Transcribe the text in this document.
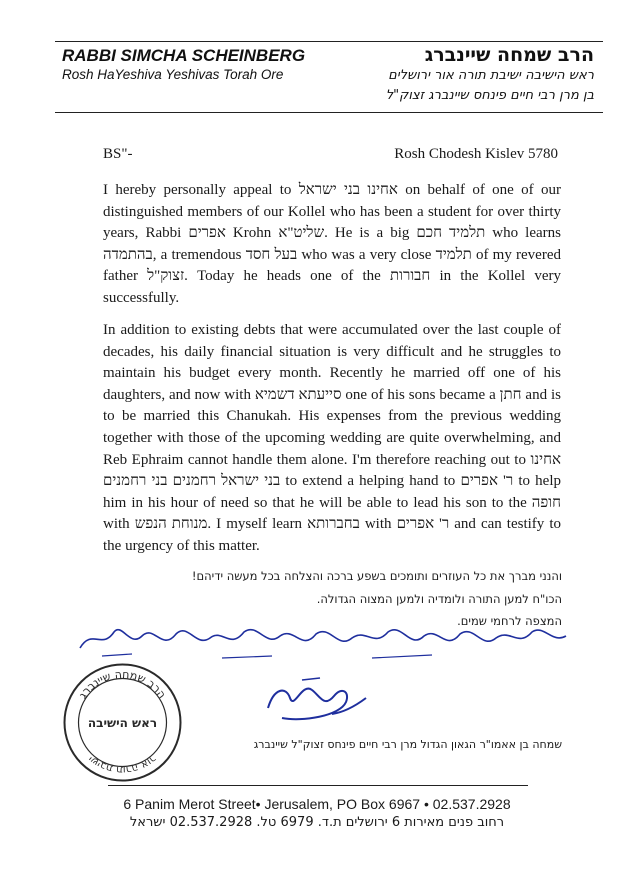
RABBI SIMCHA SCHEINBERG
Rosh HaYeshiva Yeshivas Torah Ore
הרב שמחה שיינברג
ראש הישיבה ישיבת תורה אור ירושלים
בן מרן רבי חיים פינחס שיינברג זצוק"ל
BS"-	Rosh Chodesh Kislev 5780
I hereby personally appeal to אחינו בני ישראל on behalf of one of our distinguished members of our Kollel who has been a student for over thirty years, Rabbi אפרים Krohn שליט"א. He is a big תלמיד חכם who learns בהתמדה, a tremendous בעל חסד who was a very close תלמיד of my revered father זצוק"ל. Today he heads one of the חבורות in the Kollel very successfully.
In addition to existing debts that were accumulated over the last couple of decades, his daily financial situation is very difficult and he struggles to maintain his budget every month. Recently he married off one of his daughters, and now with סייעתא דשמיא one of his sons became a חתן and is to be married this Chanukah. His expenses from the previous wedding together with those of the upcoming wedding are quite overwhelming, and Reb Ephraim cannot handle them alone. I'm therefore reaching out to אחינו בני ישראל רחמנים בני רחמנים to extend a helping hand to ר' אפרים to help him in his hour of need so that he will be able to lead his son to the חופה with מנוחת הנפש. I myself learn בחברותא with ר' אפרים and can testify to the urgency of this matter.
והנני מברך את כל העוזרים ותומכים בשפע ברכה והצלחה בכל מעשה ידיהם!
הכו"ח למען התורה ולומדיה ולמען המצוה הגדולה.
המצפה לרחמי שמים.
הרב שמחה שיינברג
ישיבת תורה אור
ראש הישיבה
שמחה בן אאמו"ר הגאון הגדול מרן רבי חיים פינחס זצוק"ל שיינברג
6 Panim Merot Street• Jerusalem, PO Box 6967 • 02.537.2928
רחוב פנים מאירות 6 ירושלים ת.ד. 6979 טל. 02.537.2928 ישראל
